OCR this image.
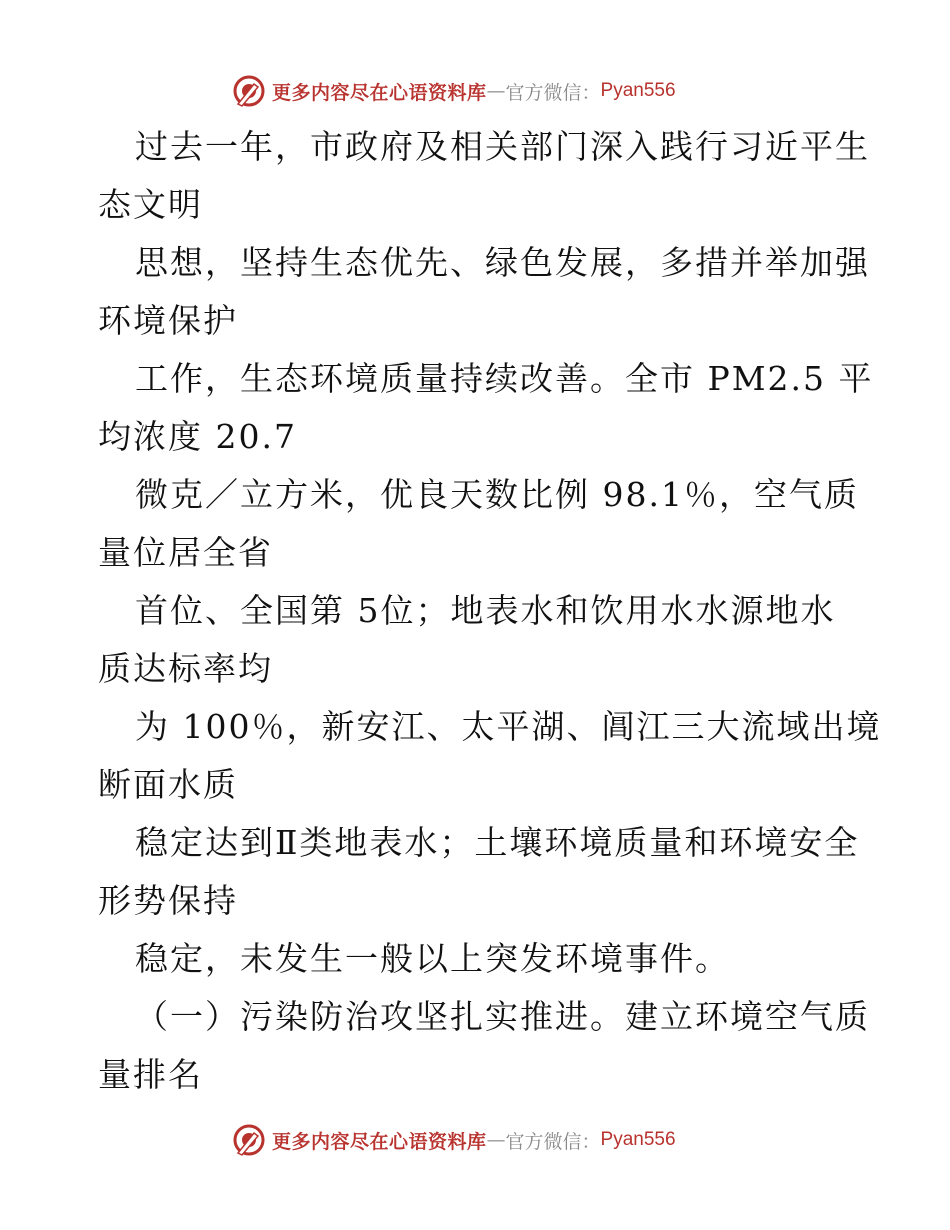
更多内容尽在心语资料库 — 官方微信： Pyan556
过去一年，市政府及相关部门深入践行习近平生
态文明
思想，坚持生态优先、绿色发展，多措并举加强
环境保护
工作，生态环境质量持续改善。全市 PM2.5 平
均浓度 20.7
微克／立方米，优良天数比例 98.1％，空气质
量位居全省
首位、全国第 5位；地表水和饮用水水源地水
质达标率均
为 100％，新安江、太平湖、阊江三大流域出境
断面水质
稳定达到Ⅱ类地表水；土壤环境质量和环境安全
形势保持
稳定，未发生一般以上突发环境事件。
（一）污染防治攻坚扎实推进。建立环境空气质
量排名
更多内容尽在心语资料库 — 官方微信： Pyan556
